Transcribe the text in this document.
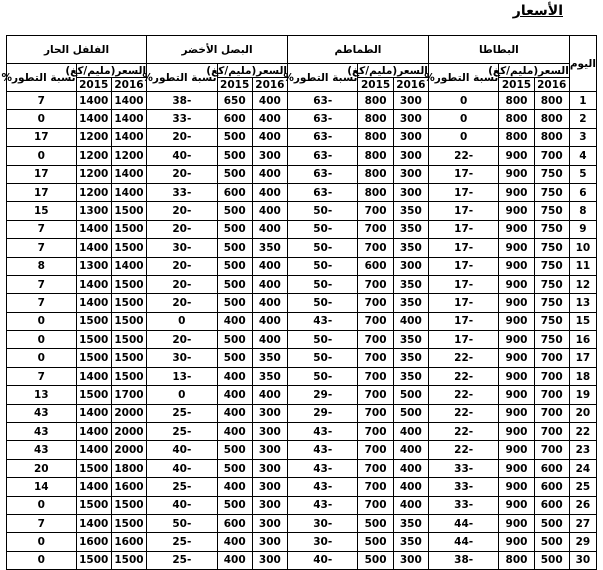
الأسعار
اليوم	البطاطا			الطماطم			البصل الأخضر			الفلفل الحار		
	السعر(مليم/كغ)		نسبة التطور%	السعر(مليم/كغ)		نسبة التطور%	السعر(مليم/كغ)		نسبة التطور%	السعر(مليم/كغ)		نسبة التطور%
	2016	2015		2016	2015		2016	2015		2016	2015	
1	800	800	0	300	800	-63	400	650	-38	1400	1400	7
2	800	800	0	300	800	-63	400	600	-33	1400	1400	0
3	800	800	0	300	800	-63	400	500	-20	1400	1200	17
4	700	900	-22	300	800	-63	300	500	-40	1200	1200	0
5	750	900	-17	300	800	-63	400	500	-20	1400	1200	17
6	750	900	-17	300	800	-63	400	600	-33	1400	1200	17
8	750	900	-17	350	700	-50	400	500	-20	1500	1300	15
9	750	900	-17	350	700	-50	400	500	-20	1500	1400	7
10	750	900	-17	350	700	-50	350	500	-30	1500	1400	7
11	750	900	-17	300	600	-50	400	500	-20	1400	1300	8
12	750	900	-17	350	700	-50	400	500	-20	1500	1400	7
13	750	900	-17	350	700	-50	400	500	-20	1500	1400	7
15	750	900	-17	400	700	-43	400	400	0	1500	1500	0
16	750	900	-17	350	700	-50	400	500	-20	1500	1500	0
17	700	900	-22	350	700	-50	350	500	-30	1500	1500	0
18	700	900	-22	350	700	-50	350	400	-13	1500	1400	7
19	700	900	-22	500	700	-29	400	400	0	1700	1500	13
20	700	900	-22	500	700	-29	300	400	-25	2000	1400	43
22	700	900	-22	400	700	-43	300	400	-25	2000	1400	43
23	700	900	-22	400	700	-43	300	500	-40	2000	1400	43
24	600	900	-33	400	700	-43	300	500	-40	1800	1500	20
25	600	900	-33	400	700	-43	300	400	-25	1600	1400	14
26	600	900	-33	400	700	-43	300	500	-40	1500	1500	0
27	500	900	-44	350	500	-30	300	600	-50	1500	1400	7
29	500	900	-44	350	500	-30	300	400	-25	1600	1600	0
30	500	800	-38	300	500	-40	300	400	-25	1500	1500	0
